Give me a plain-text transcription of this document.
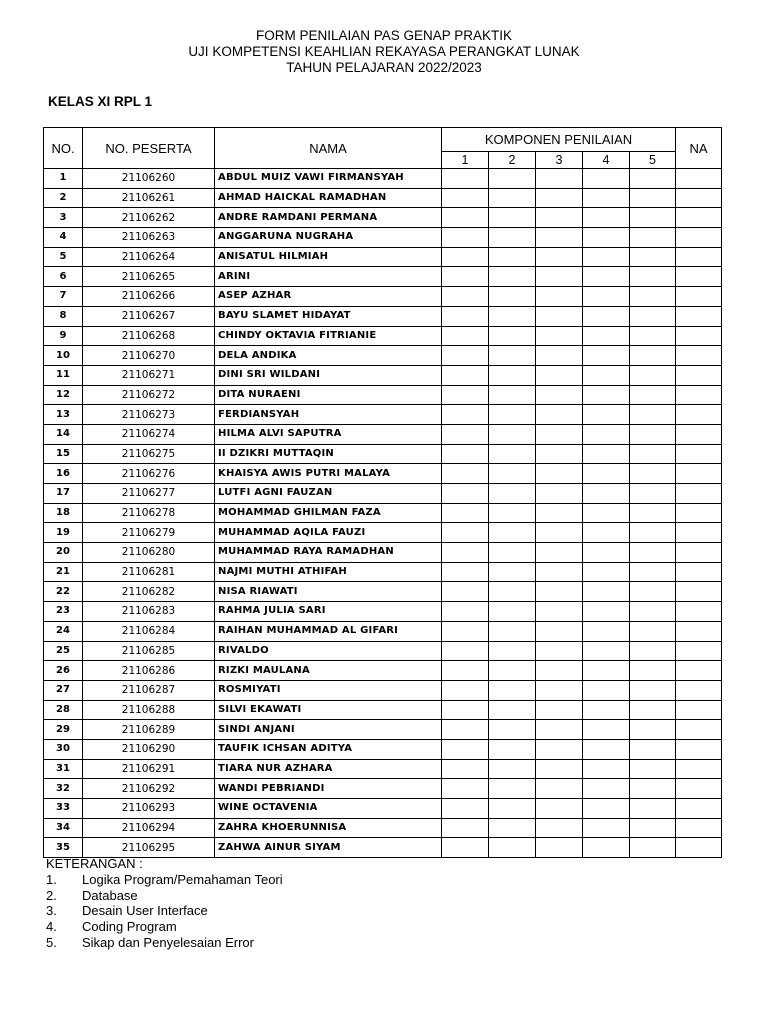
FORM PENILAIAN PAS GENAP PRAKTIK
UJI KOMPETENSI KEAHLIAN REKAYASA PERANGKAT LUNAK
TAHUN PELAJARAN 2022/2023
KELAS XI RPL 1
NO.	NO. PESERTA	NAMA	KOMPONEN PENILAIAN					NA
			1	2	3	4	5	
1	21106260	ABDUL MUIZ VAWI FIRMANSYAH						
2	21106261	AHMAD HAICKAL RAMADHAN						
3	21106262	ANDRE RAMDANI PERMANA						
4	21106263	ANGGARUNA NUGRAHA						
5	21106264	ANISATUL HILMIAH						
6	21106265	ARINI						
7	21106266	ASEP AZHAR						
8	21106267	BAYU SLAMET HIDAYAT						
9	21106268	CHINDY OKTAVIA FITRIANIE						
10	21106270	DELA ANDIKA						
11	21106271	DINI SRI WILDANI						
12	21106272	DITA NURAENI						
13	21106273	FERDIANSYAH						
14	21106274	HILMA ALVI SAPUTRA						
15	21106275	II DZIKRI MUTTAQIN						
16	21106276	KHAISYA AWIS PUTRI MALAYA						
17	21106277	LUTFI AGNI FAUZAN						
18	21106278	MOHAMMAD GHILMAN FAZA						
19	21106279	MUHAMMAD AQILA FAUZI						
20	21106280	MUHAMMAD RAYA RAMADHAN						
21	21106281	NAJMI MUTHI ATHIFAH						
22	21106282	NISA RIAWATI						
23	21106283	RAHMA JULIA SARI						
24	21106284	RAIHAN MUHAMMAD AL GIFARI						
25	21106285	RIVALDO						
26	21106286	RIZKI MAULANA						
27	21106287	ROSMIYATI						
28	21106288	SILVI EKAWATI						
29	21106289	SINDI ANJANI						
30	21106290	TAUFIK ICHSAN ADITYA						
31	21106291	TIARA NUR AZHARA						
32	21106292	WANDI PEBRIANDI						
33	21106293	WINE OCTAVENIA						
34	21106294	ZAHRA KHOERUNNISA						
35	21106295	ZAHWA AINUR SIYAM						
KETERANGAN :
1. Logika Program/Pemahaman Teori
2. Database
3. Desain User Interface
4. Coding Program
5. Sikap dan Penyelesaian Error
